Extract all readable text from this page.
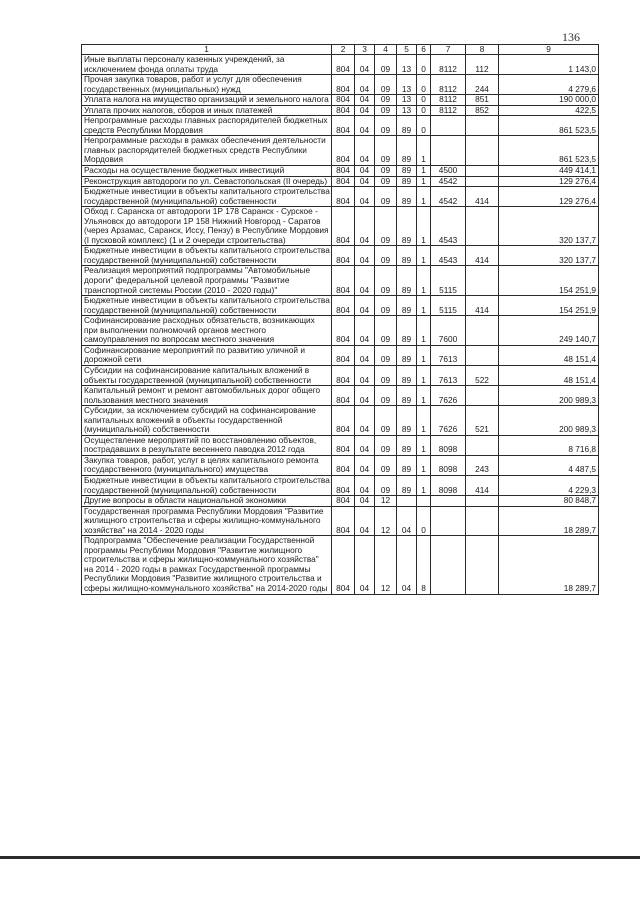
136
1	2	3	4	5	6	7	8	9
Иные выплаты персоналу казенных учреждений, за исключением фонда оплаты труда	804	04	09	13	0	8112	112	1 143,0
Прочая закупка товаров, работ и услуг для обеспечения государственных (муниципальных) нужд	804	04	09	13	0	8112	244	4 279,6
Уплата налога на имущество организаций и земельного налога	804	04	09	13	0	8112	851	190 000,0
Уплата прочих налогов, сборов и иных платежей	804	04	09	13	0	8112	852	422,5
Непрограммные расходы главных распорядителей бюджетных средств Республики Мордовия	804	04	09	89	0			861 523,5
Непрограммные расходы в рамках обеспечения деятельности главных распорядителей бюджетных средств Республики Мордовия	804	04	09	89	1			861 523,5
Расходы на осуществление бюджетных инвестиций	804	04	09	89	1	4500		449 414,1
Реконструкция автодороги по ул. Севастопольская (II очередь)	804	04	09	89	1	4542		129 276,4
Бюджетные инвестиции в объекты капитального строительства государственной (муниципальной) собственности	804	04	09	89	1	4542	414	129 276,4
Обход г. Саранска от автодороги 1Р 178 Саранск - Сурское - Ульяновск до автодороги 1Р 158 Нижний Новгород - Саратов (через Арзамас, Саранск, Иссу, Пензу) в Республике Мордовия (I пусковой комплекс) (1 и 2 очереди строительства)	804	04	09	89	1	4543		320 137,7
Бюджетные инвестиции в объекты капитального строительства государственной (муниципальной) собственности	804	04	09	89	1	4543	414	320 137,7
Реализация мероприятий подпрограммы "Автомобильные дороги" федеральной целевой программы "Развитие транспортной системы России (2010 - 2020 годы)"	804	04	09	89	1	5115		154 251,9
Бюджетные инвестиции в объекты капитального строительства государственной (муниципальной) собственности	804	04	09	89	1	5115	414	154 251,9
Софинансирование расходных обязательств, возникающих при выполнении полномочий органов местного самоуправления по вопросам местного значения	804	04	09	89	1	7600		249 140,7
Софинансирование мероприятий по развитию уличной и дорожной сети	804	04	09	89	1	7613		48 151,4
Субсидии на софинансирование капитальных вложений в объекты государственной (муниципальной) собственности	804	04	09	89	1	7613	522	48 151,4
Капитальный ремонт и ремонт автомобильных дорог общего пользования местного значения	804	04	09	89	1	7626		200 989,3
Субсидии, за исключением субсидий на софинансирование капитальных вложений в объекты государственной (муниципальной) собственности	804	04	09	89	1	7626	521	200 989,3
Осуществление мероприятий по восстановлению объектов, пострадавших в результате весеннего паводка 2012 года	804	04	09	89	1	8098		8 716,8
Закупка товаров, работ, услуг в целях капитального ремонта государственного (муниципального) имущества	804	04	09	89	1	8098	243	4 487,5
Бюджетные инвестиции в объекты капитального строительства государственной (муниципальной) собственности	804	04	09	89	1	8098	414	4 229,3
Другие вопросы в области национальной экономики	804	04	12					80 848,7
Государственная программа Республики Мордовия "Развитие жилищного строительства и сферы жилищно-коммунального хозяйства" на 2014 - 2020 годы	804	04	12	04	0			18 289,7
Подпрограмма "Обеспечение реализации Государственной программы Республики Мордовия "Развитие жилищного строительства и сферы жилищно-коммунального хозяйства" на 2014 - 2020 годы в рамках Государственной программы Республики Мордовия "Развитие жилищного строительства и сферы жилищно-коммунального хозяйства" на 2014-2020 годы	804	04	12	04	8			18 289,7
